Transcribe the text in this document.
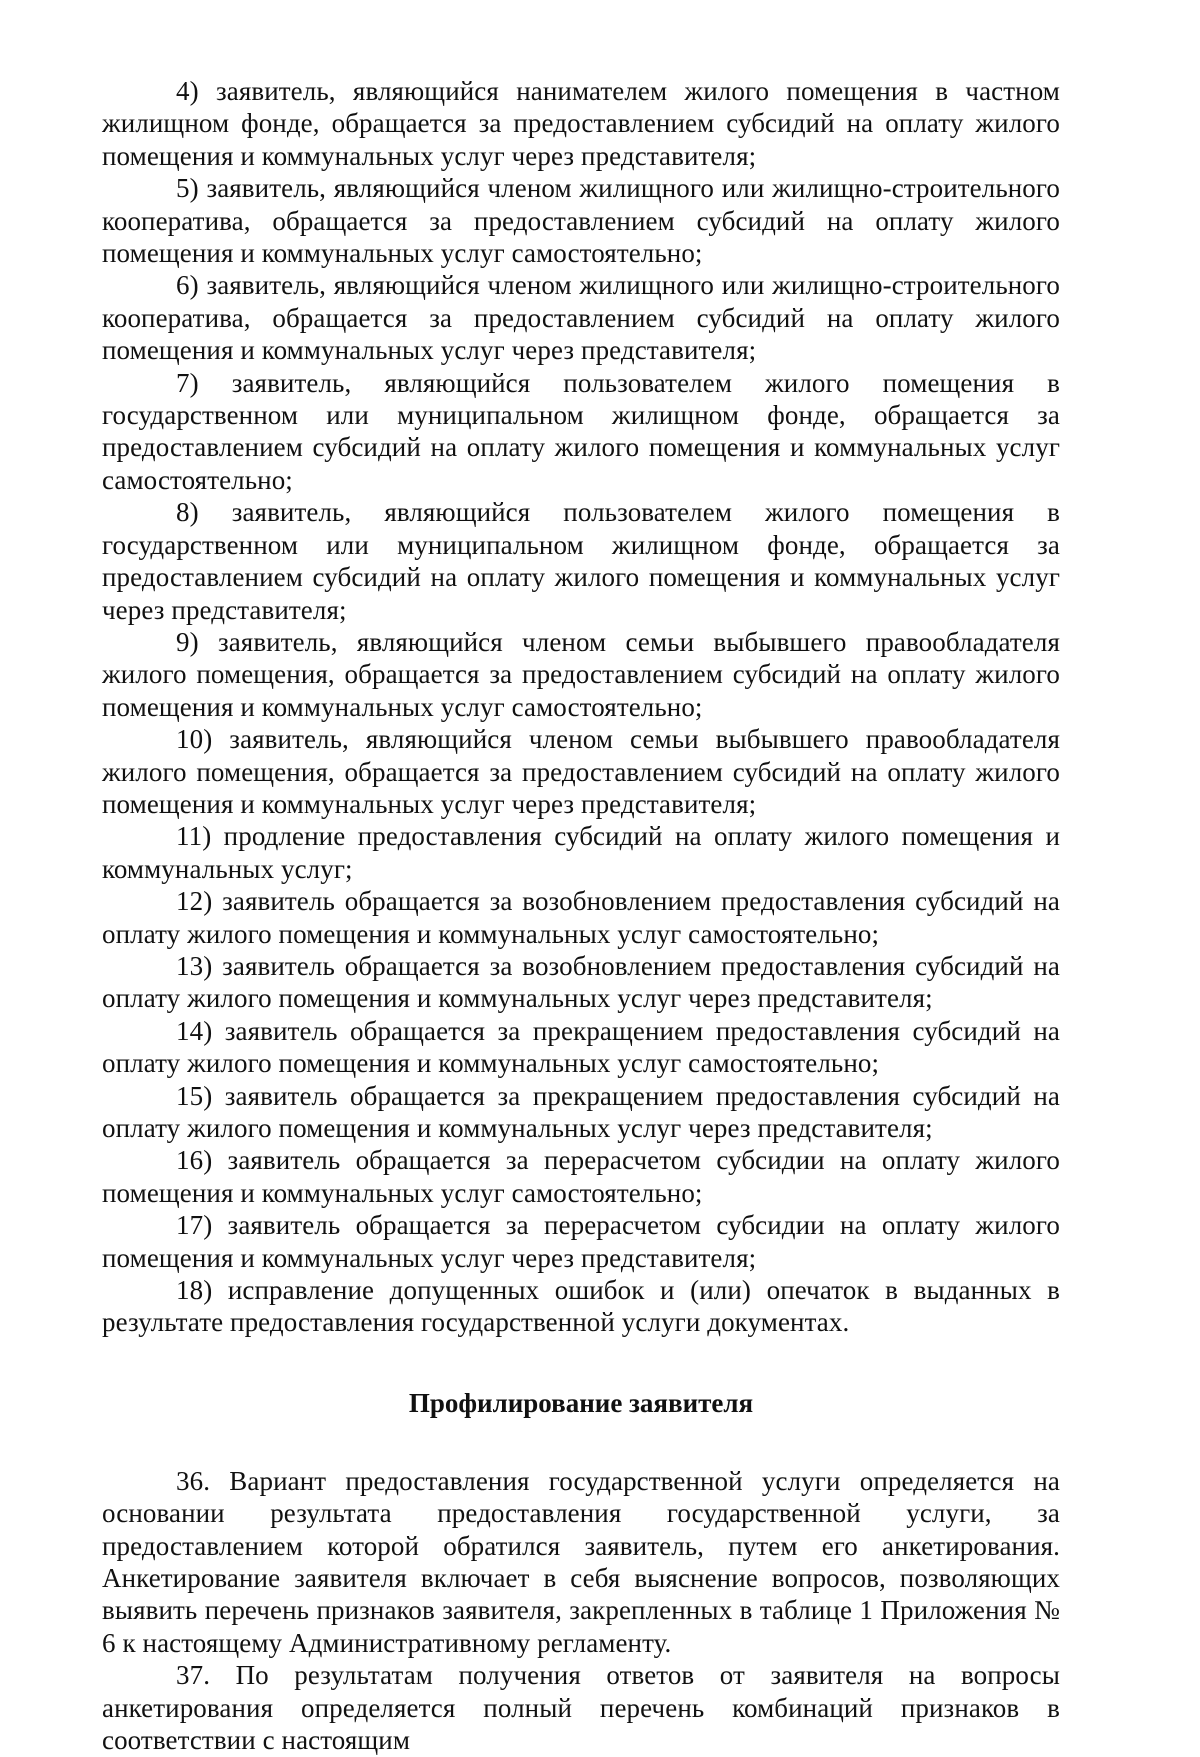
4) заявитель, являющийся нанимателем жилого помещения в частном жилищном фонде, обращается за предоставлением субсидий на оплату жилого помещения и коммунальных услуг через представителя;

5) заявитель, являющийся членом жилищного или жилищно-строительного кооператива, обращается за предоставлением субсидий на оплату жилого помещения и коммунальных услуг самостоятельно;

6) заявитель, являющийся членом жилищного или жилищно-строительного кооператива, обращается за предоставлением субсидий на оплату жилого помещения и коммунальных услуг через представителя;

7) заявитель, являющийся пользователем жилого помещения в государственном или муниципальном жилищном фонде, обращается за предоставлением субсидий на оплату жилого помещения и коммунальных услуг самостоятельно;

8) заявитель, являющийся пользователем жилого помещения в государственном или муниципальном жилищном фонде, обращается за предоставлением субсидий на оплату жилого помещения и коммунальных услуг через представителя;

9) заявитель, являющийся членом семьи выбывшего правообладателя жилого помещения, обращается за предоставлением субсидий на оплату жилого помещения и коммунальных услуг самостоятельно;

10) заявитель, являющийся членом семьи выбывшего правообладателя жилого помещения, обращается за предоставлением субсидий на оплату жилого помещения и коммунальных услуг через представителя;

11) продление предоставления субсидий на оплату жилого помещения и коммунальных услуг;

12) заявитель обращается за возобновлением предоставления субсидий на оплату жилого помещения и коммунальных услуг самостоятельно;

13) заявитель обращается за возобновлением предоставления субсидий на оплату жилого помещения и коммунальных услуг через представителя;

14) заявитель обращается за прекращением предоставления субсидий на оплату жилого помещения и коммунальных услуг самостоятельно;

15) заявитель обращается за прекращением предоставления субсидий на оплату жилого помещения и коммунальных услуг через представителя;

16) заявитель обращается за перерасчетом субсидии на оплату жилого помещения и коммунальных услуг самостоятельно;

17) заявитель обращается за перерасчетом субсидии на оплату жилого помещения и коммунальных услуг через представителя;

18) исправление допущенных ошибок и (или) опечаток в выданных в результате предоставления государственной услуги документах.

Профилирование заявителя

36. Вариант предоставления государственной услуги определяется на основании результата предоставления государственной услуги, за предоставлением которой обратился заявитель, путем его анкетирования. Анкетирование заявителя включает в себя выяснение вопросов, позволяющих выявить перечень признаков заявителя, закрепленных в таблице 1 Приложения № 6 к настоящему Административному регламенту.

37. По результатам получения ответов от заявителя на вопросы анкетирования определяется полный перечень комбинаций признаков в соответствии с настоящим
